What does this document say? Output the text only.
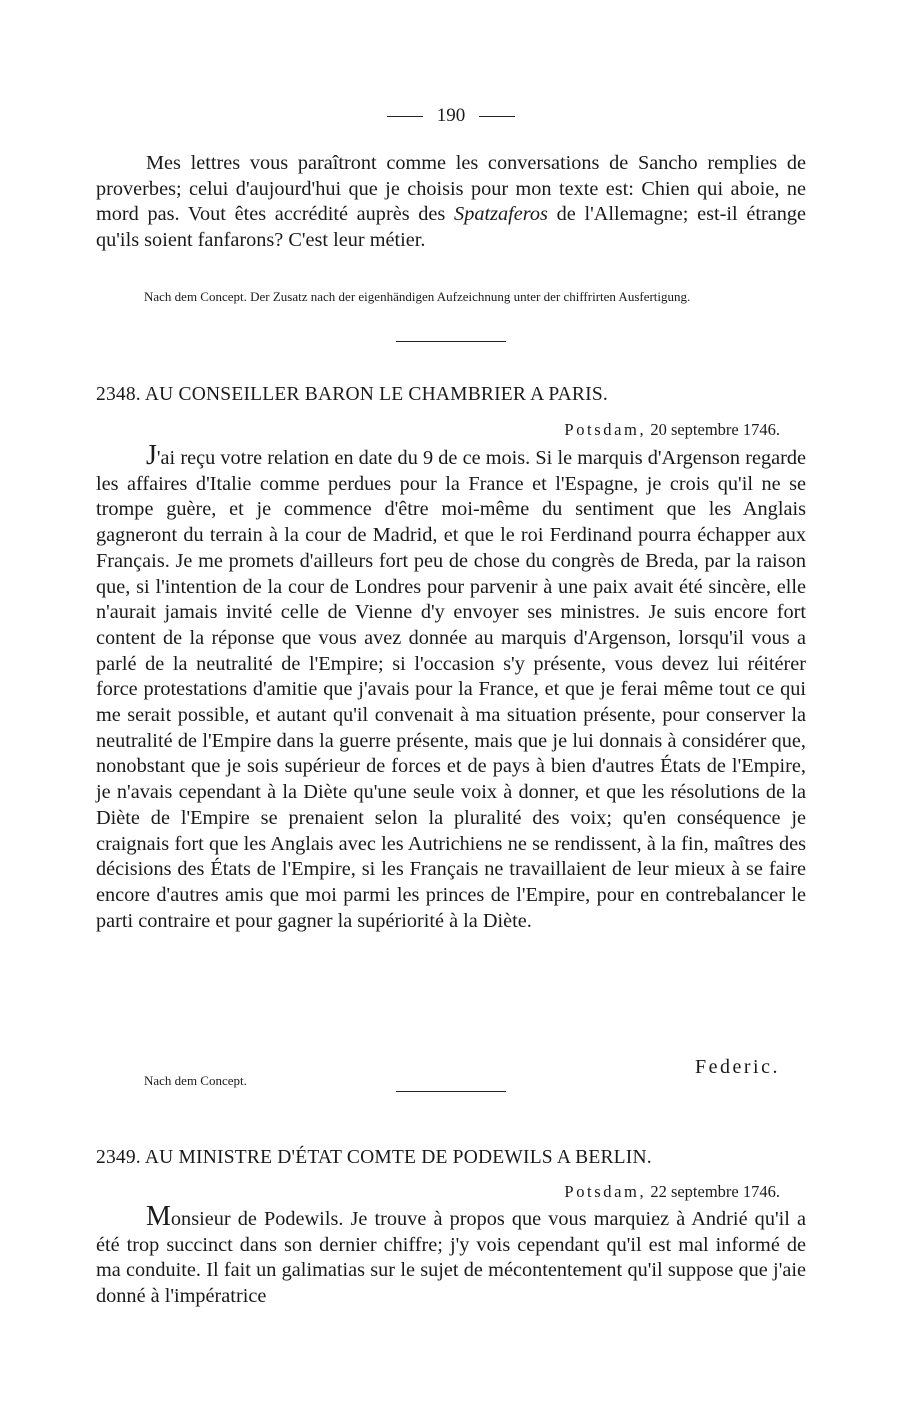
190

Mes lettres vous paraîtront comme les conversations de Sancho remplies de proverbes; celui d'aujourd'hui que je choisis pour mon texte est: Chien qui aboie, ne mord pas. Vout êtes accrédité auprès des Spatzaferos de l'Allemagne; est-il étrange qu'ils soient fanfarons? C'est leur métier.

Nach dem Concept. Der Zusatz nach der eigenhändigen Aufzeichnung unter der chiffrirten Ausfertigung.
2348. AU CONSEILLER BARON LE CHAMBRIER A PARIS.
Potsdam, 20 septembre 1746.

J'ai reçu votre relation en date du 9 de ce mois. Si le marquis d'Argenson regarde les affaires d'Italie comme perdues pour la France et l'Espagne, je crois qu'il ne se trompe guère, et je commence d'être moi-même du sentiment que les Anglais gagneront du terrain à la cour de Madrid, et que le roi Ferdinand pourra échapper aux Français. Je me promets d'ailleurs fort peu de chose du congrès de Breda, par la raison que, si l'intention de la cour de Londres pour parvenir à une paix avait été sincère, elle n'aurait jamais invité celle de Vienne d'y envoyer ses ministres. Je suis encore fort content de la réponse que vous avez donnée au marquis d'Argenson, lorsqu'il vous a parlé de la neutralité de l'Empire; si l'occasion s'y présente, vous devez lui réitérer force protestations d'amitie que j'avais pour la France, et que je ferai même tout ce qui me serait possible, et autant qu'il convenait à ma situation présente, pour conserver la neutralité de l'Empire dans la guerre présente, mais que je lui donnais à considérer que, nonobstant que je sois supérieur de forces et de pays à bien d'autres États de l'Empire, je n'avais cependant à la Diète qu'une seule voix à donner, et que les résolutions de la Diète de l'Empire se prenaient selon la pluralité des voix; qu'en conséquence je craignais fort que les Anglais avec les Autrichiens ne se rendissent, à la fin, maîtres des décisions des États de l'Empire, si les Français ne travaillaient de leur mieux à se faire encore d'autres amis que moi parmi les princes de l'Empire, pour en contrebalancer le parti contraire et pour gagner la supériorité à la Diète.

Federic.
Nach dem Concept.
2349. AU MINISTRE D'ÉTAT COMTE DE PODEWILS A BERLIN.
Potsdam, 22 septembre 1746.

Monsieur de Podewils. Je trouve à propos que vous marquiez à Andrié qu'il a été trop succinct dans son dernier chiffre; j'y vois cependant qu'il est mal informé de ma conduite. Il fait un galimatias sur le sujet de mécontentement qu'il suppose que j'aie donné à l'impératrice
